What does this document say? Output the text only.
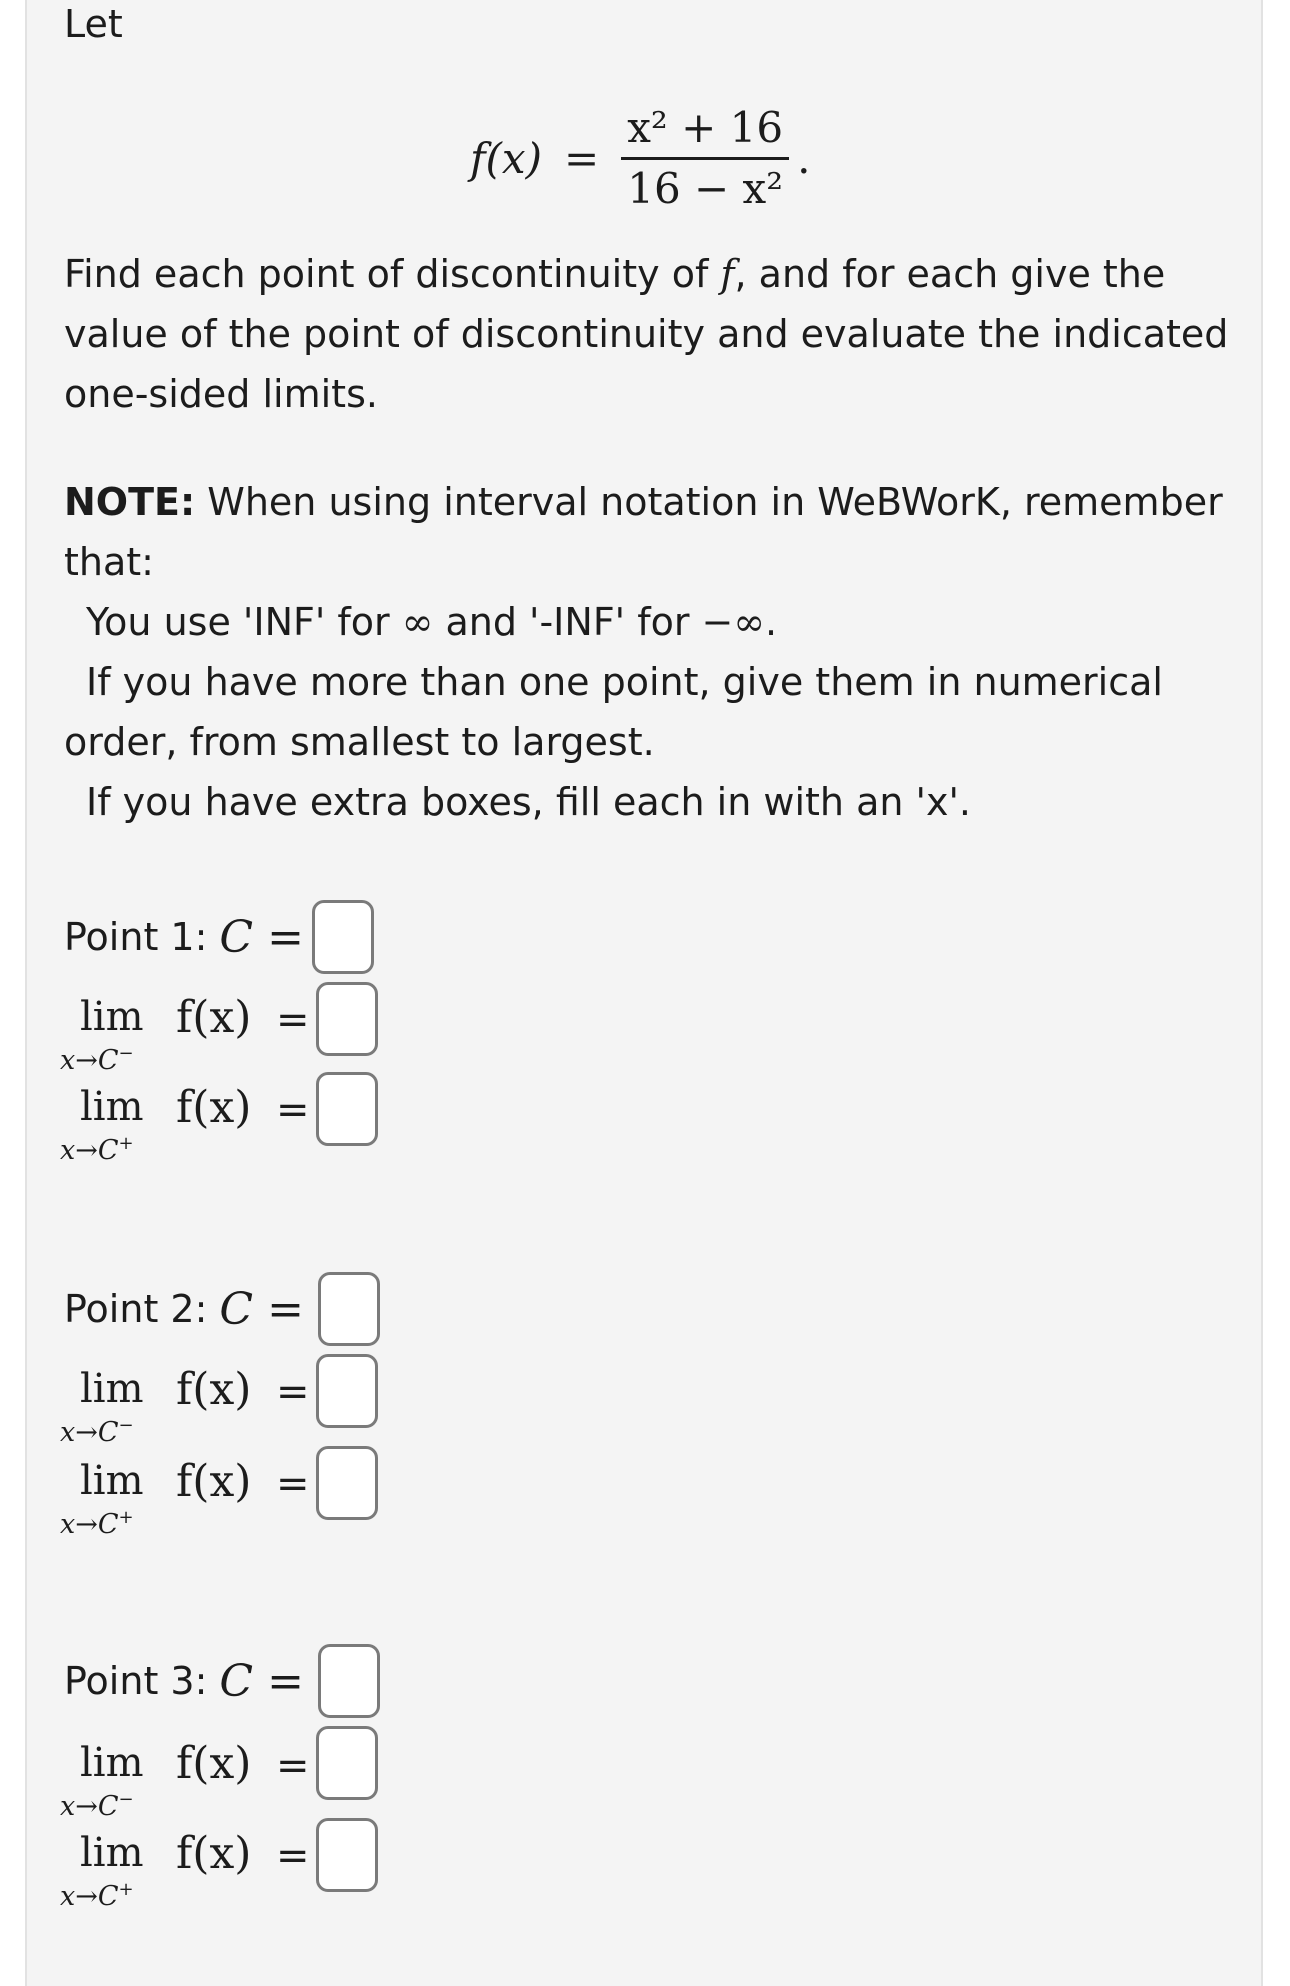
Let
$f(x) = \frac{\text{x² + 16}}{\text{16 − x²}}$ .
Find each point of discontinuity of f, and for each give the
value of the point of discontinuity and evaluate the indicated
one-sided limits.
NOTE: When using interval notation in WeBWorK, remember
that:
You use 'INF' for ∞ and '-INF' for −∞.
If you have more than one point, give them in numerical
order, from smallest to largest.
If you have extra boxes, fill each in with an 'x'.
Point 1: C =
lim
x→C−
f(x) =
lim
x→C+
f(x) =
Point 2: C =
lim
x→C−
f(x) =
lim
x→C+
f(x) =
Point 3: C =
lim
x→C−
f(x) =
lim
x→C+
f(x) =
